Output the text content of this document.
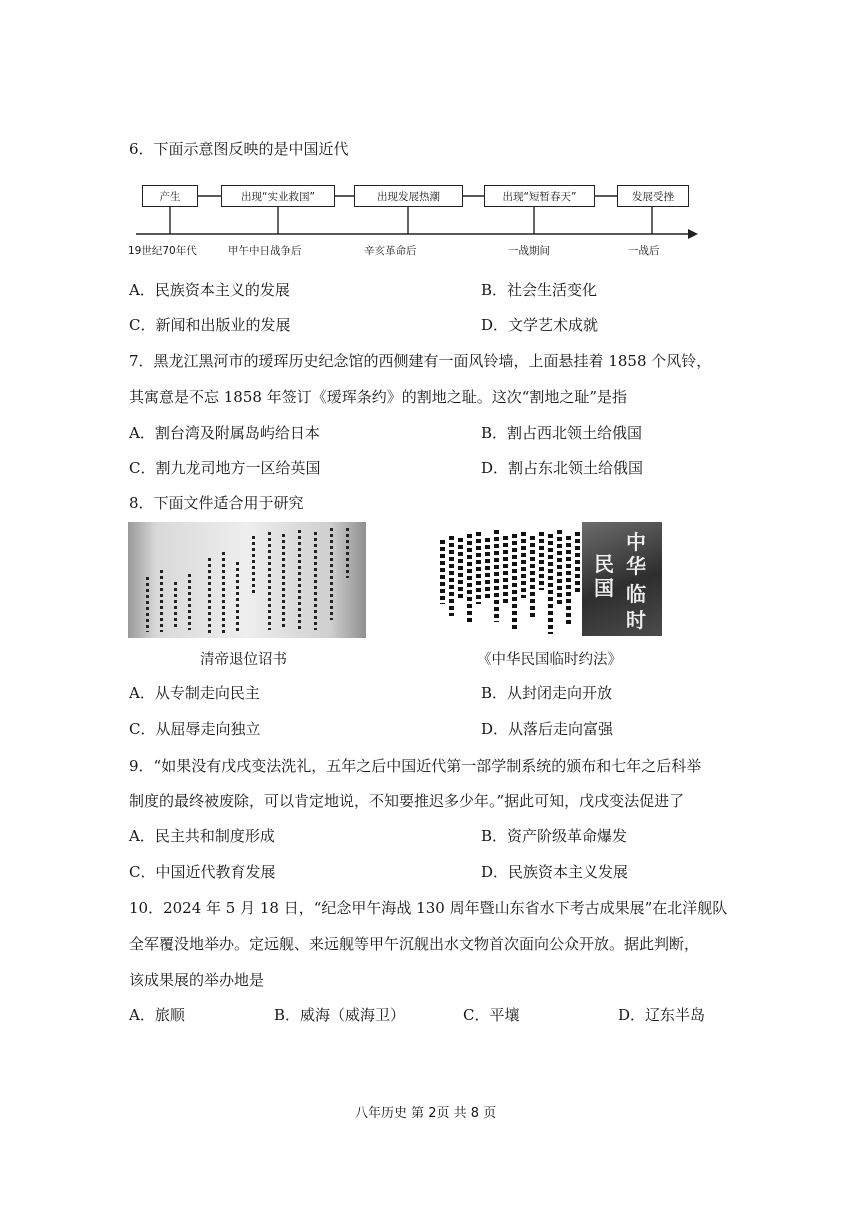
6．下面示意图反映的是中国近代
产生	出现“实业救国”	出现发展热潮	出现“短暂春天”	发展受挫
19世纪70年代	甲午中日战争后	辛亥革命后	一战期间	一战后
A．民族资本主义的发展	B．社会生活变化
C．新闻和出版业的发展	D．文学艺术成就
7．黑龙江黑河市的瑷珲历史纪念馆的西侧建有一面风铃墙，上面悬挂着 1858 个风铃，
其寓意是不忘 1858 年签订《瑷珲条约》的割地之耻。这次“割地之耻”是指
A．割台湾及附属岛屿给日本	B．割占西北领土给俄国
C．割九龙司地方一区给英国	D．割占东北领土给俄国
8．下面文件适合用于研究
中
华
民
国 临
时
清帝退位诏书	《中华民国临时约法》
A．从专制走向民主	B．从封闭走向开放
C．从屈辱走向独立	D．从落后走向富强
9．“如果没有戊戌变法洗礼，五年之后中国近代第一部学制系统的颁布和七年之后科举
制度的最终被废除，可以肯定地说，不知要推迟多少年。”据此可知，戊戌变法促进了
A．民主共和制度形成	B．资产阶级革命爆发
C．中国近代教育发展	D．民族资本主义发展
10．2024 年 5 月 18 日，“纪念甲午海战 130 周年暨山东省水下考古成果展”在北洋舰队
全军覆没地举办。定远舰、来远舰等甲午沉舰出水文物首次面向公众开放。据此判断，
该成果展的举办地是
A．旅顺	B．威海（威海卫）	C．平壤	D．辽东半岛
八年历史 第 2页 共 8 页
